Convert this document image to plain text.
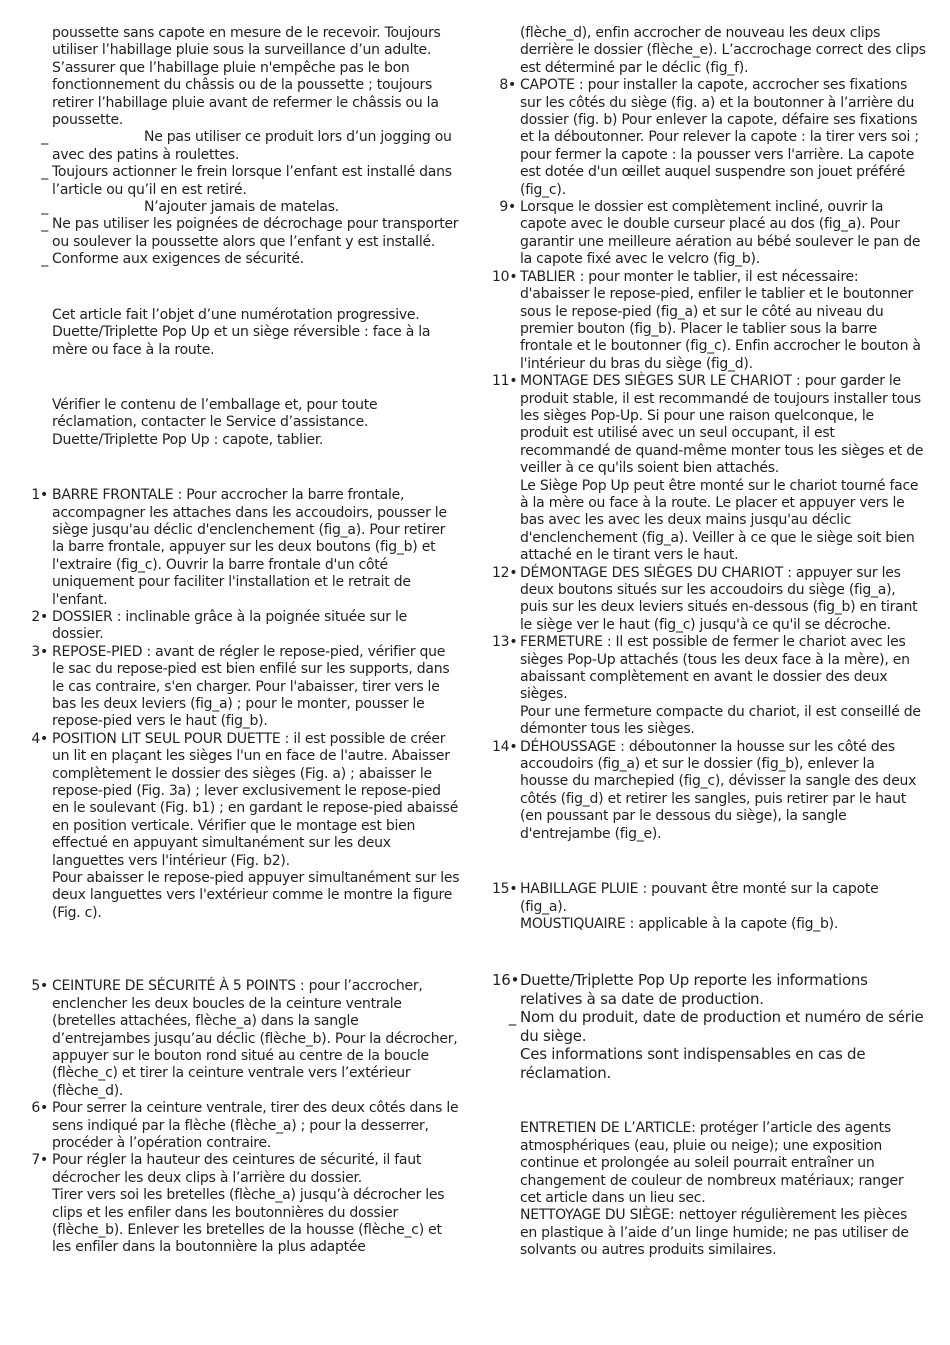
poussette sans capote en mesure de le recevoir. Toujours utiliser l’habillage pluie sous la surveillance d’un adulte. S’assurer que l’habillage pluie n'empêche pas le bon fonctionnement du châssis ou de la poussette ; toujours retirer l’habillage pluie avant de refermer le châssis ou la poussette.

_	Ne pas utiliser ce produit lors d’un jogging ou avec des patins à roulettes.

_ Toujours actionner le frein lorsque l’enfant est installé dans l’article ou qu’il en est retiré.

_	N’ajouter jamais de matelas.

_ Ne pas utiliser les poignées de décrochage pour transporter ou soulever la poussette alors que l’enfant y est installé.

_ Conforme aux exigences de sécurité.

Cet article fait l’objet d’une numérotation progressive. Duette/Triplette Pop Up et un siège réversible : face à la mère ou face à la route.

Vérifier le contenu de l’emballage et, pour toute réclamation, contacter le Service d’assistance. Duette/Triplette Pop Up : capote, tablier.

1• BARRE FRONTALE : Pour accrocher la barre frontale, accompagner les attaches dans les accoudoirs, pousser le siège jusqu'au déclic d'enclenchement (fig_a). Pour retirer la barre frontale, appuyer sur les deux boutons (fig_b) et l'extraire (fig_c). Ouvrir la barre frontale d'un côté uniquement pour faciliter l'installation et le retrait de l'enfant.

2• DOSSIER : inclinable grâce à la poignée située sur le dossier.

3• REPOSE-PIED : avant de régler le repose-pied, vérifier que le sac du repose-pied est bien enfilé sur les supports, dans le cas contraire, s'en charger. Pour l'abaisser, tirer vers le bas les deux leviers (fig_a) ; pour le monter, pousser le repose-pied vers le haut (fig_b).

4• POSITION LIT SEUL POUR DUETTE : il est possible de créer un lit en plaçant les sièges l'un en face de l'autre. Abaisser complètement le dossier des sièges (Fig. a) ; abaisser le repose-pied (Fig. 3a) ; lever exclusivement le repose-pied en le soulevant (Fig. b1) ; en gardant le repose-pied abaissé en position verticale. Vérifier que le montage est bien effectué en appuyant simultanément sur les deux languettes vers l'intérieur (Fig. b2).

Pour abaisser le repose-pied appuyer simultanément sur les deux languettes vers l'extérieur comme le montre la figure (Fig. c).

5• CEINTURE DE SÉCURITÉ À 5 POINTS : pour l’accrocher, enclencher les deux boucles de la ceinture ventrale (bretelles attachées, flèche_a) dans la sangle d’entrejambes jusqu’au déclic (flèche_b). Pour la décrocher, appuyer sur le bouton rond situé au centre de la boucle (flèche_c) et tirer la ceinture ventrale vers l’extérieur (flèche_d).

6• Pour serrer la ceinture ventrale, tirer des deux côtés dans le sens indiqué par la flèche (flèche_a) ; pour la desserrer, procéder à l’opération contraire.

7• Pour régler la hauteur des ceintures de sécurité, il faut décrocher les deux clips à l’arrière du dossier.

Tirer vers soi les bretelles (flèche_a) jusqu’à décrocher les clips et les enfiler dans les boutonnières du dossier (flèche_b). Enlever les bretelles de la housse (flèche_c) et les enfiler dans la boutonnière la plus adaptée

(flèche_d), enfin accrocher de nouveau les deux clips derrière le dossier (flèche_e). L’accrochage correct des clips est déterminé par le déclic (fig_f).

8• CAPOTE : pour installer la capote, accrocher ses fixations sur les côtés du siège (fig. a) et la boutonner à l’arrière du dossier (fig. b) Pour enlever la capote, défaire ses fixations et la déboutonner. Pour relever la capote : la tirer vers soi ; pour fermer la capote : la pousser vers l'arrière. La capote est dotée d'un œillet auquel suspendre son jouet préféré (fig_c).

9• Lorsque le dossier est complètement incliné, ouvrir la capote avec le double curseur placé au dos (fig_a). Pour garantir une meilleure aération au bébé soulever le pan de la capote fixé avec le velcro (fig_b).

10• TABLIER : pour monter le tablier, il est nécessaire: d'abaisser le repose-pied, enfiler le tablier et le boutonner sous le repose-pied (fig_a) et sur le côté au niveau du premier bouton (fig_b). Placer le tablier sous la barre frontale et le boutonner (fig_c). Enfin accrocher le bouton à l'intérieur du bras du siège (fig_d).

11• MONTAGE DES SIÈGES SUR LE CHARIOT : pour garder le produit stable, il est recommandé de toujours installer tous les sièges Pop-Up. Si pour une raison quelconque, le produit est utilisé avec un seul occupant, il est recommandé de quand-même monter tous les sièges et de veiller à ce qu'ils soient bien attachés.

Le Siège Pop Up peut être monté sur le chariot tourné face à la mère ou face à la route. Le placer et appuyer vers le bas avec les avec les deux mains jusqu'au déclic d'enclenchement (fig_a). Veiller à ce que le siège soit bien attaché en le tirant vers le haut.

12• DÉMONTAGE DES SIÈGES DU CHARIOT : appuyer sur les deux boutons situés sur les accoudoirs du siège (fig_a), puis sur les deux leviers situés en-dessous (fig_b) en tirant le siège ver le haut (fig_c) jusqu'à ce qu'il se décroche.

13• FERMETURE : Il est possible de fermer le chariot avec les sièges Pop-Up attachés (tous les deux face à la mère), en abaissant complètement en avant le dossier des deux sièges.

Pour une fermeture compacte du chariot, il est conseillé de démonter tous les sièges.

14• DÉHOUSSAGE : déboutonner la housse sur les côté des accoudoirs (fig_a) et sur le dossier (fig_b), enlever la housse du marchepied (fig_c), dévisser la sangle des deux côtés (fig_d) et retirer les sangles, puis retirer par le haut (en poussant par le dessous du siège), la sangle d'entrejambe (fig_e).

15• HABILLAGE PLUIE : pouvant être monté sur la capote (fig_a).

MOUSTIQUAIRE : applicable à la capote (fig_b).

16• Duette/Triplette Pop Up reporte les informations relatives à sa date de production.

_ Nom du produit, date de production et numéro de série du siège.

Ces informations sont indispensables en cas de réclamation.

ENTRETIEN DE L’ARTICLE: protéger l’article des agents atmosphériques (eau, pluie ou neige); une exposition continue et prolongée au soleil pourrait entraîner un changement de couleur de nombreux matériaux; ranger cet article dans un lieu sec.

NETTOYAGE DU SIÈGE: nettoyer régulièrement les pièces en plastique à l’aide d’un linge humide; ne pas utiliser de solvants ou autres produits similaires.
